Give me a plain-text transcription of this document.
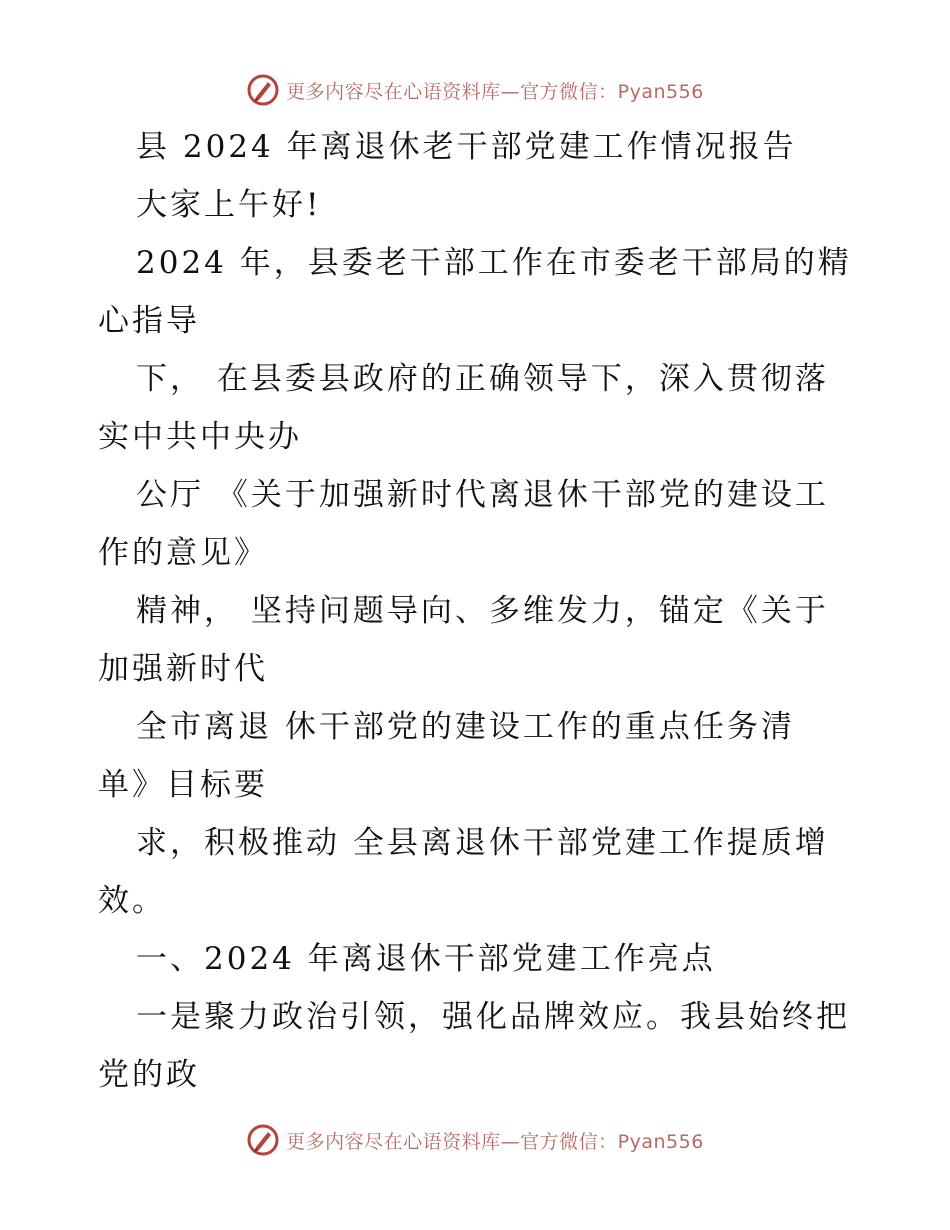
更多内容尽在心语资料库—官方微信：Pyan556

县 2024 年离退休老干部党建工作情况报告
大家上午好!
2024 年，县委老干部工作在市委老干部局的精
心指导
下， 在县委县政府的正确领导下，深入贯彻落
实中共中央办
公厅 《关于加强新时代离退休干部党的建设工
作的意见》
精神， 坚持问题导向、多维发力，锚定《关于
加强新时代
全市离退 休干部党的建设工作的重点任务清
单》目标要
求，积极推动 全县离退休干部党建工作提质增
效。
一、2024 年离退休干部党建工作亮点
一是聚力政治引领，强化品牌效应。我县始终把
党的政

更多内容尽在心语资料库—官方微信：Pyan556
